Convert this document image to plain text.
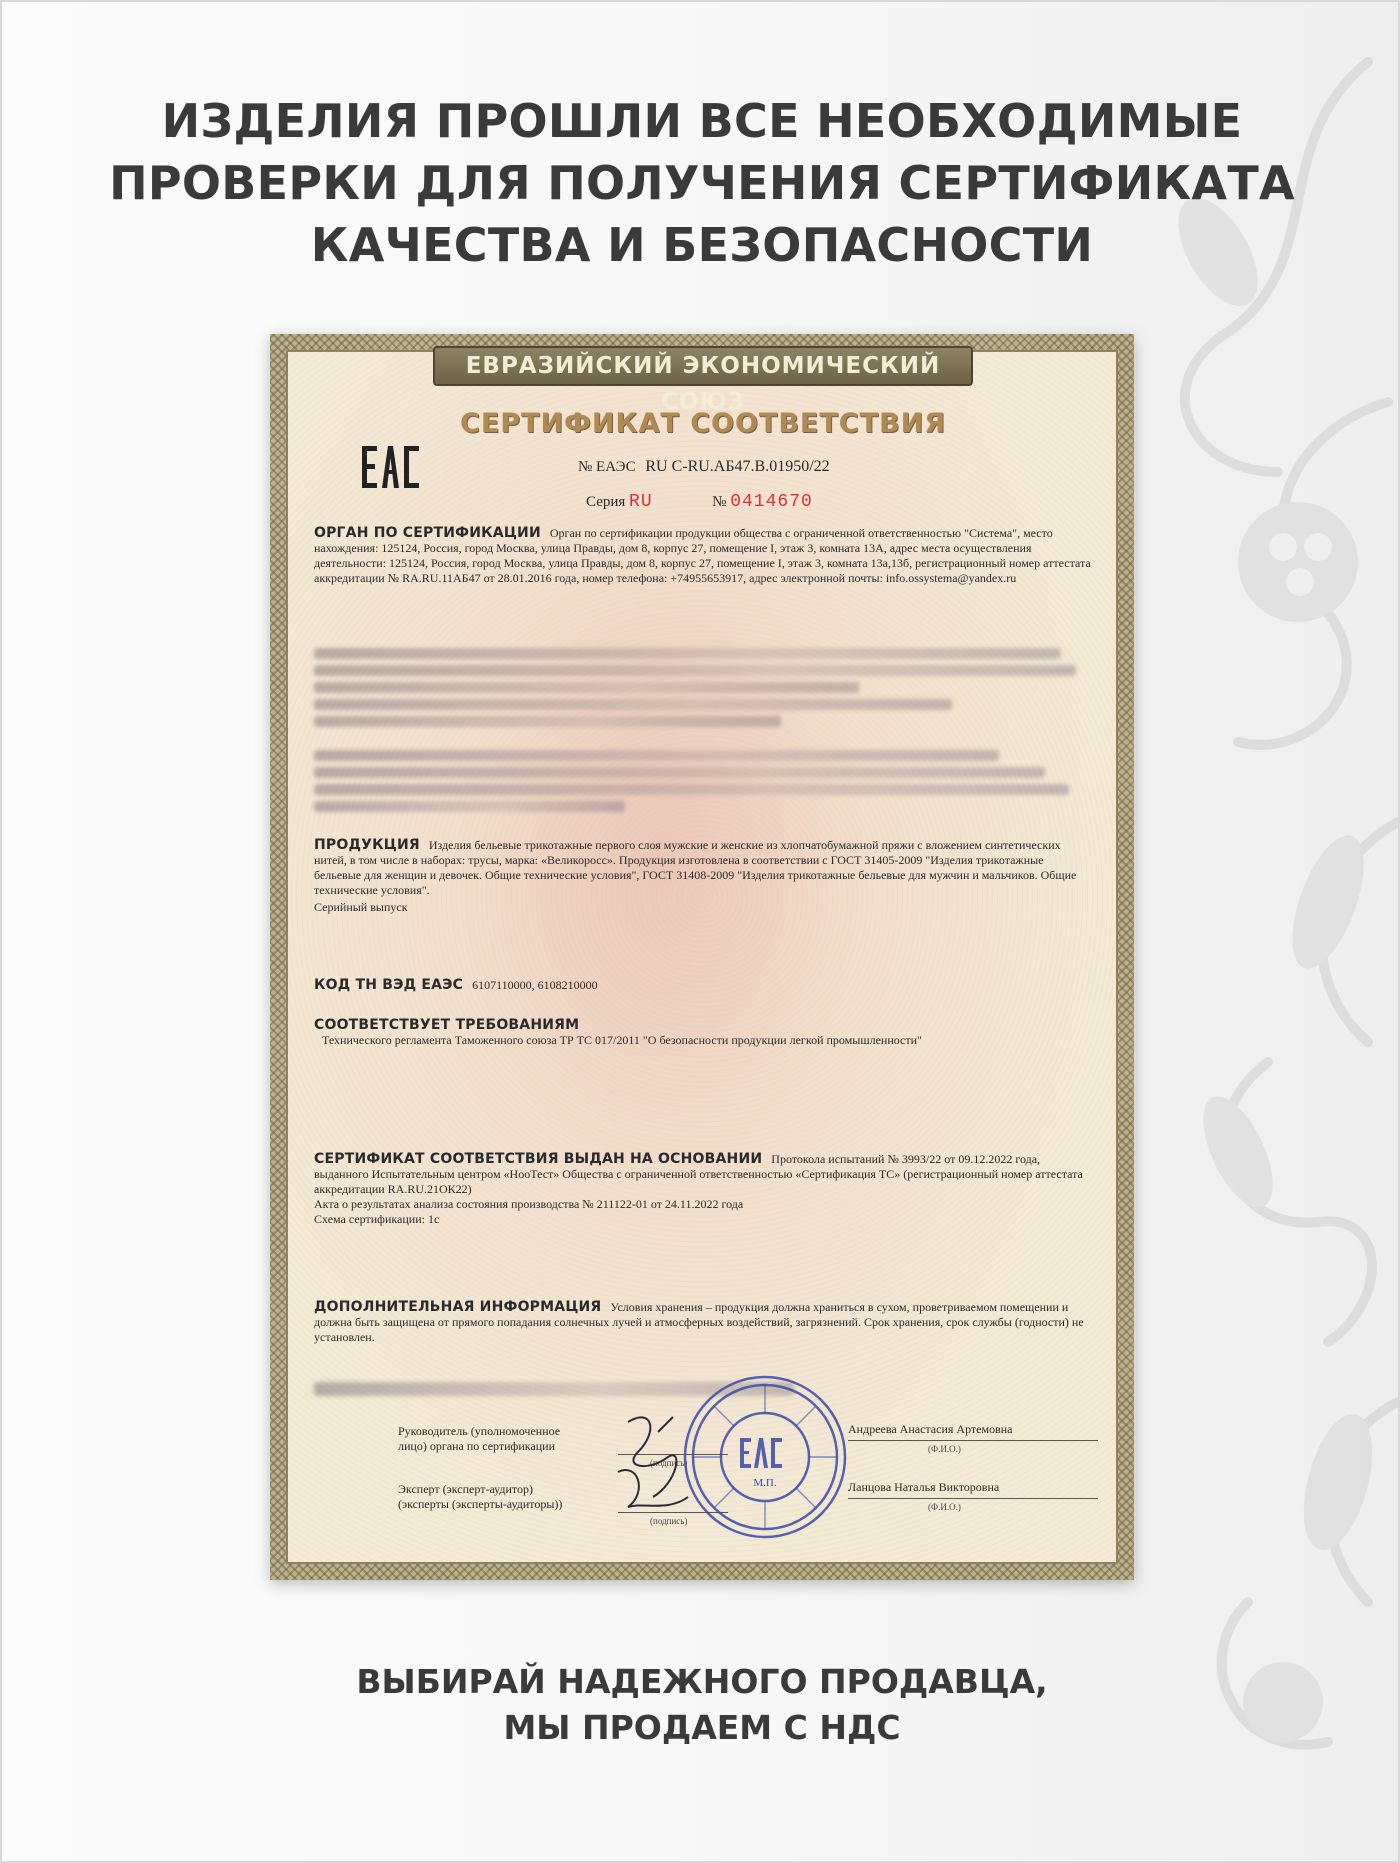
ИЗДЕЛИЯ ПРОШЛИ ВСЕ НЕОБХОДИМЫЕ
ПРОВЕРКИ ДЛЯ ПОЛУЧЕНИЯ СЕРТИФИКАТА
КАЧЕСТВА И БЕЗОПАСНОСТИ
ЕВРАЗИЙСКИЙ ЭКОНОМИЧЕСКИЙ СОЮЗ
СЕРТИФИКАТ СООТВЕТСТВИЯ
№ ЕАЭС RU C-RU.АБ47.В.01950/22
Серия RU	№ 0414670
ОРГАН ПО СЕРТИФИКАЦИИ Орган по сертификации продукции общества с ограниченной ответственностью "Система", место нахождения: 125124, Россия, город Москва, улица Правды, дом 8, корпус 27, помещение I, этаж 3, комната 13А, адрес места осуществления деятельности: 125124, Россия, город Москва, улица Правды, дом 8, корпус 27, помещение I, этаж 3, комната 13а,13б, регистрационный номер аттестата аккредитации № RA.RU.11АБ47 от 28.01.2016 года, номер телефона: +74955653917, адрес электронной почты: info.ossystema@yandex.ru
ПРОДУКЦИЯ Изделия бельевые трикотажные первого слоя мужские и женские из хлопчатобумажной пряжи с вложением синтетических нитей, в том числе в наборах: трусы, марка: «Великоросс». Продукция изготовлена в соответствии с ГОСТ 31405-2009 "Изделия трикотажные бельевые для женщин и девочек. Общие технические условия", ГОСТ 31408-2009 "Изделия трикотажные бельевые для мужчин и мальчиков. Общие технические условия".
Серийный выпуск
КОД ТН ВЭД ЕАЭС 6107110000, 6108210000
СООТВЕТСТВУЕТ ТРЕБОВАНИЯМ
Технического регламента Таможенного союза ТР ТС 017/2011 "О безопасности продукции легкой промышленности"
СЕРТИФИКАТ СООТВЕТСТВИЯ ВЫДАН НА ОСНОВАНИИ Протокола испытаний № 3993/22 от 09.12.2022 года, выданного Испытательным центром «НооТест» Общества с ограниченной ответственностью «Сертификация ТС» (регистрационный номер аттестата аккредитации RA.RU.21ОК22)
Акта о результатах анализа состояния производства № 211122-01 от 24.11.2022 года
Схема сертификации: 1с
ДОПОЛНИТЕЛЬНАЯ ИНФОРМАЦИЯ Условия хранения – продукция должна храниться в сухом, проветриваемом помещении и должна быть защищена от прямого попадания солнечных лучей и атмосферных воздействий, загрязнений. Срок хранения, срок службы (годности) не установлен.
Руководитель (уполномоченное
лицо) органа по сертификации
(подпись)
Андреева Анастасия Артемовна
(Ф.И.О.)
Эксперт (эксперт-аудитор)
(эксперты (эксперты-аудиторы))
(подпись)
Ланцова Наталья Викторовна
(Ф.И.О.)
М.П.
ВЫБИРАЙ НАДЕЖНОГО ПРОДАВЦА,
МЫ ПРОДАЕМ С НДС
